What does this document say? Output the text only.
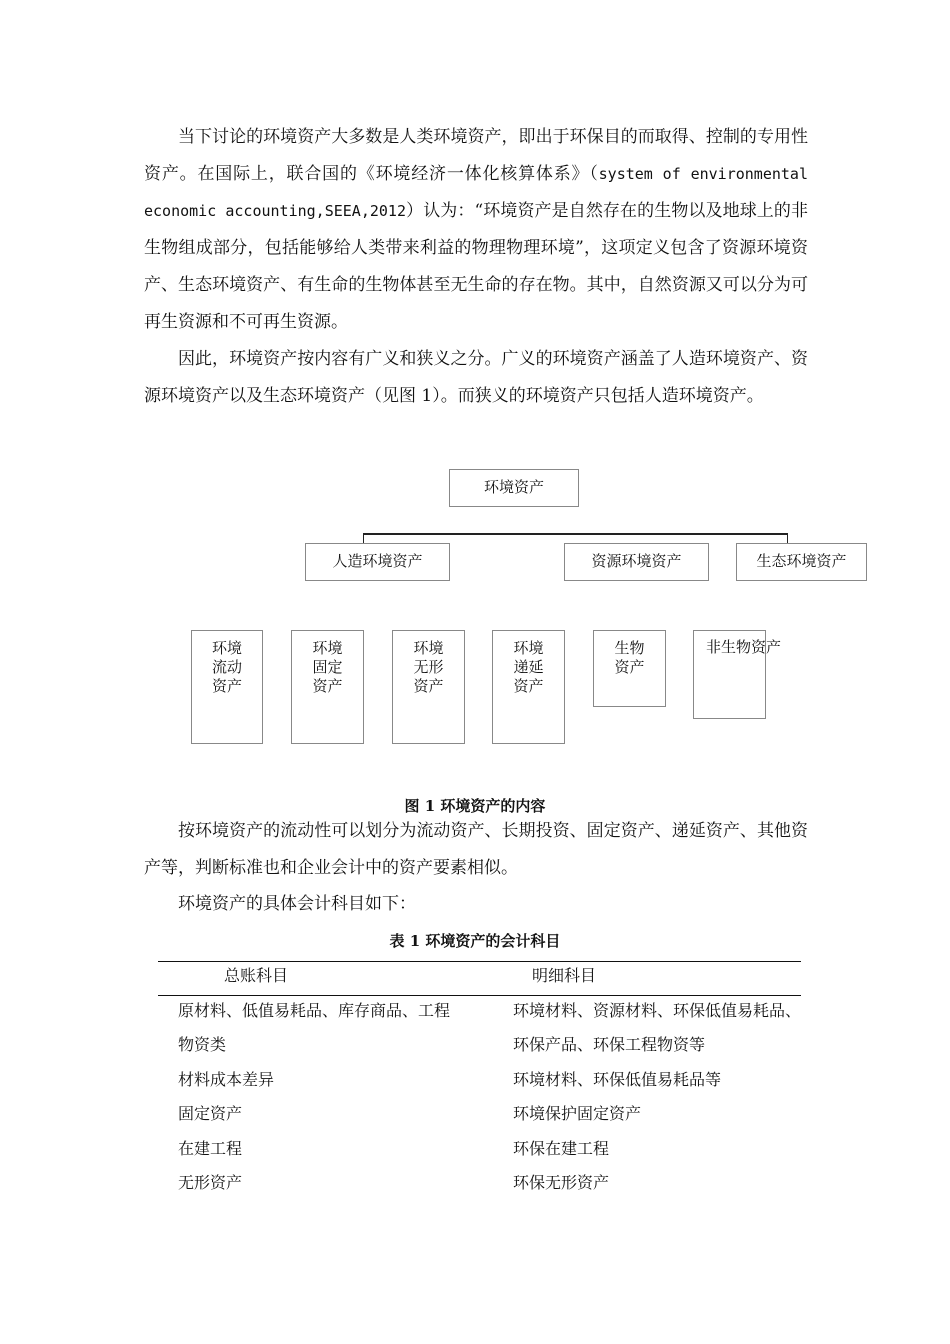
当下讨论的环境资产大多数是人类环境资产，即出于环保目的而取得、控制的专用性资产。在国际上，联合国的《环境经济一体化核算体系》（system of environmental economic accounting,SEEA,2012）认为：“环境资产是自然存在的生物以及地球上的非生物组成部分，包括能够给人类带来利益的物理物理环境”，这项定义包含了资源环境资产、生态环境资产、有生命的生物体甚至无生命的存在物。其中，自然资源又可以分为可再生资源和不可再生资源。

因此，环境资产按内容有广义和狭义之分。广义的环境资产涵盖了人造环境资产、资源环境资产以及生态环境资产（见图 1）。而狭义的环境资产只包括人造环境资产。

环境资产
人造环境资产	资源环境资产	生态环境资产
环境
流动
资产
环境
固定
资产
环境
无形
资产
环境
递延
资产
生物
资产
非生物资产
图 1 环境资产的内容

按环境资产的流动性可以划分为流动资产、长期投资、固定资产、递延资产、其他资产等，判断标准也和企业会计中的资产要素相似。

环境资产的具体会计科目如下：

表 1 环境资产的会计科目
总账科目	明细科目
原材料、低值易耗品、库存商品、工程	环境材料、资源材料、环保低值易耗品、
物资类	环保产品、环保工程物资等
材料成本差异	环境材料、环保低值易耗品等
固定资产	环境保护固定资产
在建工程	环保在建工程
无形资产	环保无形资产
